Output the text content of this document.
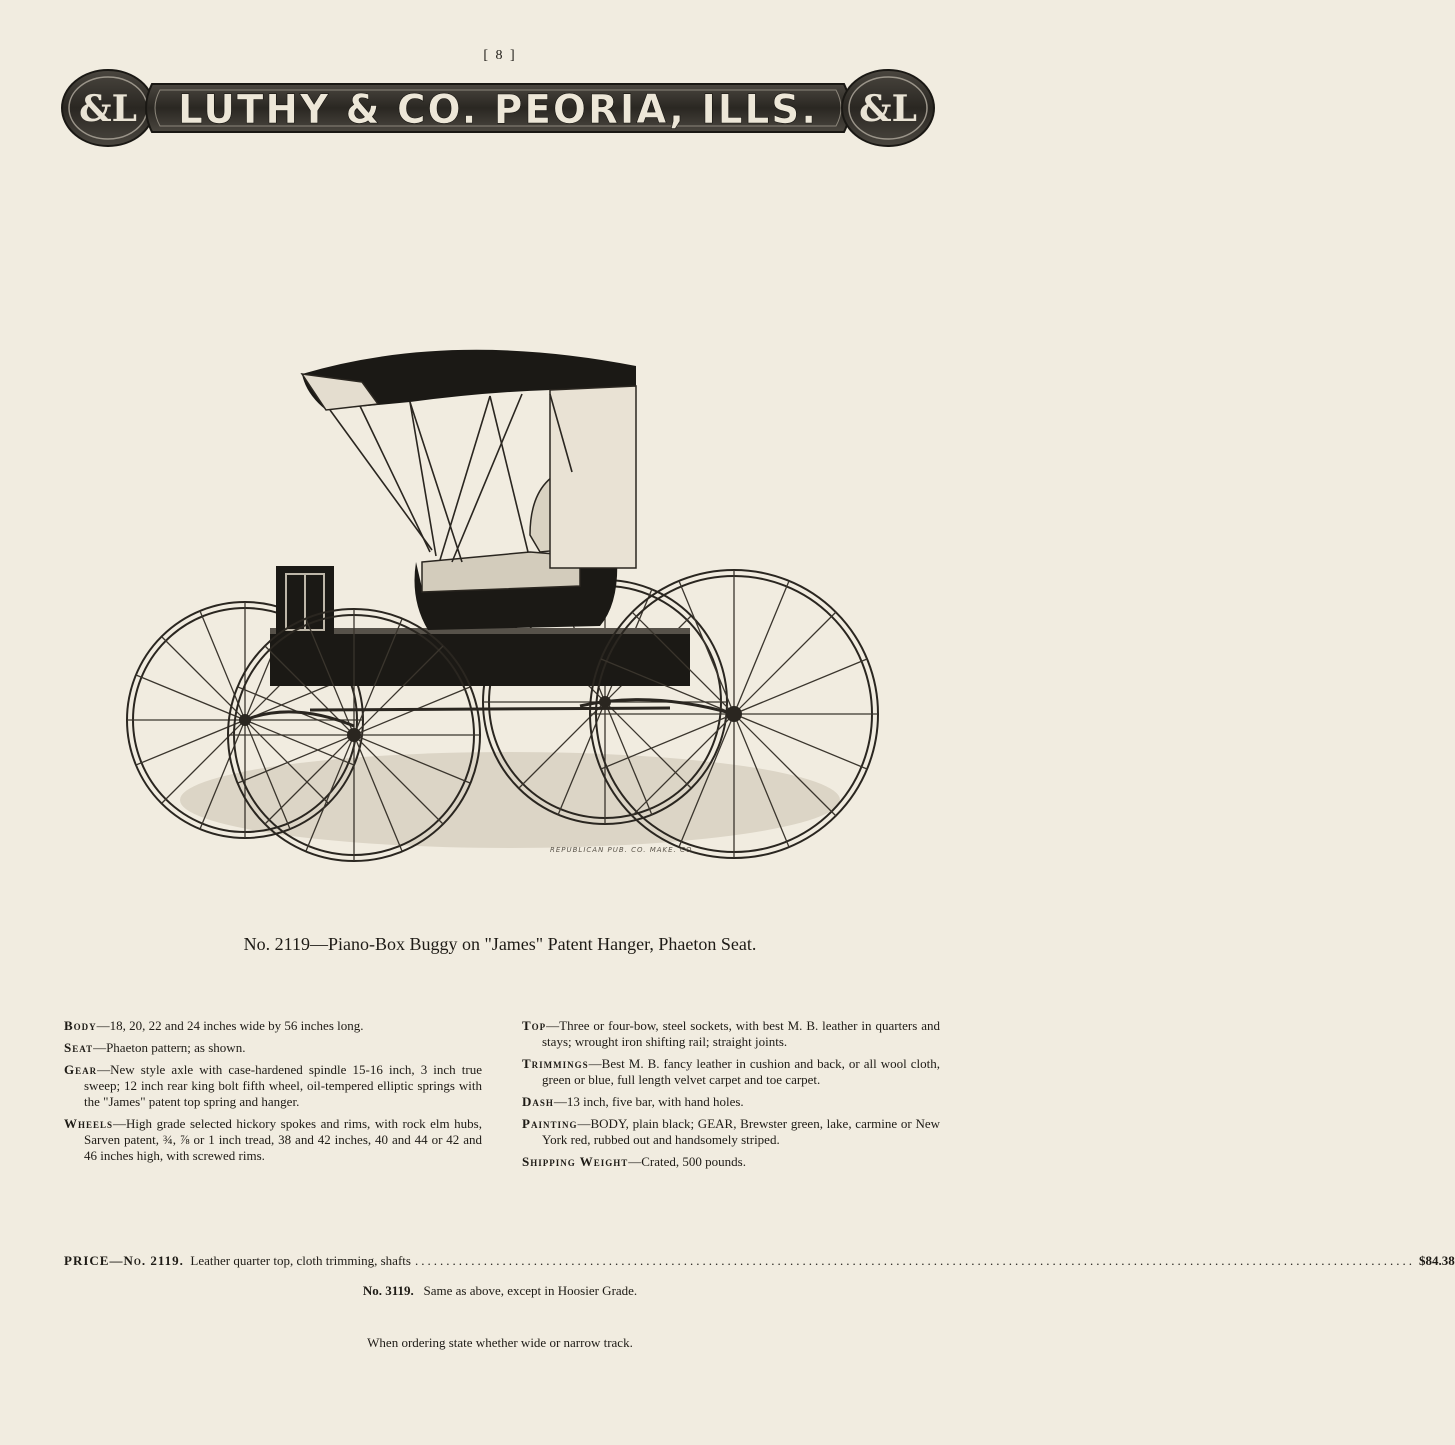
[ 8 ]
&L	&L
LUTHY & CO. PEORIA, ILLS.
REPUBLICAN PUB. CO. MAKE. CO.
No. 2119—Piano-Box Buggy on "James" Patent Hanger, Phaeton Seat.
Body—18, 20, 22 and 24 inches wide by 56 inches long.
Seat—Phaeton pattern; as shown.
Gear—New style axle with case-hardened spindle 15-16 inch, 3 inch true sweep; 12 inch rear king bolt fifth wheel, oil-tempered elliptic springs with the "James" patent top spring and hanger.
Wheels—High grade selected hickory spokes and rims, with rock elm hubs, Sarven patent, ¾, ⅞ or 1 inch tread, 38 and 42 inches, 40 and 44 or 42 and 46 inches high, with screwed rims.
Top—Three or four-bow, steel sockets, with best M. B. leather in quarters and stays; wrought iron shifting rail; straight joints.
Trimmings—Best M. B. fancy leather in cushion and back, or all wool cloth, green or blue, full length velvet carpet and toe carpet.
Dash—13 inch, five bar, with hand holes.
Painting—BODY, plain black; GEAR, Brewster green, lake, carmine or New York red, rubbed out and handsomely striped.
Shipping Weight—Crated, 500 pounds.
PRICE—No. 2119.
Leather quarter top, cloth trimming, shafts ................................................................................................................................................................ $84.38
No. 3119. Same as above, except in Hoosier Grade.
When ordering state whether wide or narrow track.
